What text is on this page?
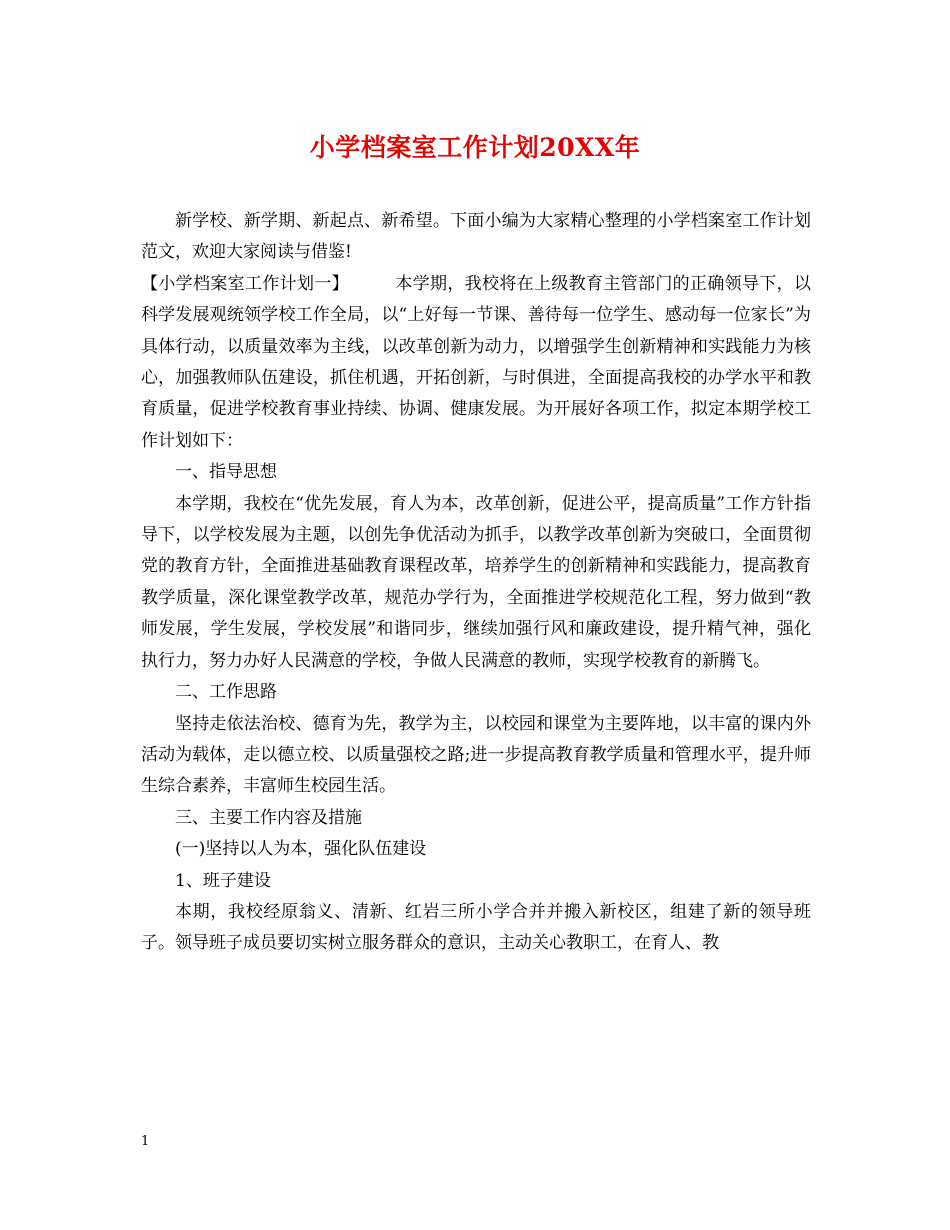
小学档案室工作计划20XX年

新学校、新学期、新起点、新希望。下面小编为大家精心整理的小学档案室工作计划范文，欢迎大家阅读与借鉴!

【小学档案室工作计划一】	本学期，我校将在上级教育主管部门的正确领导下，以科学发展观统领学校工作全局，以“上好每一节课、善待每一位学生、感动每一位家长”为具体行动，以质量效率为主线，以改革创新为动力，以增强学生创新精神和实践能力为核心，加强教师队伍建设，抓住机遇，开拓创新，与时俱进，全面提高我校的办学水平和教育质量，促进学校教育事业持续、协调、健康发展。为开展好各项工作，拟定本期学校工作计划如下：

一、指导思想

本学期，我校在“优先发展，育人为本，改革创新，促进公平，提高质量”工作方针指导下，以学校发展为主题，以创先争优活动为抓手，以教学改革创新为突破口，全面贯彻党的教育方针，全面推进基础教育课程改革，培养学生的创新精神和实践能力，提高教育教学质量，深化课堂教学改革，规范办学行为，全面推进学校规范化工程，努力做到“教师发展，学生发展，学校发展”和谐同步，继续加强行风和廉政建设，提升精气神，强化执行力，努力办好人民满意的学校，争做人民满意的教师，实现学校教育的新腾飞。

二、工作思路

坚持走依法治校、德育为先，教学为主，以校园和课堂为主要阵地，以丰富的课内外活动为载体，走以德立校、以质量强校之路;进一步提高教育教学质量和管理水平，提升师生综合素养，丰富师生校园生活。

三、主要工作内容及措施

(一)坚持以人为本，强化队伍建设

1、班子建设

本期，我校经原翁义、清新、红岩三所小学合并并搬入新校区，组建了新的领导班子。领导班子成员要切实树立服务群众的意识，主动关心教职工，在育人、教

1
